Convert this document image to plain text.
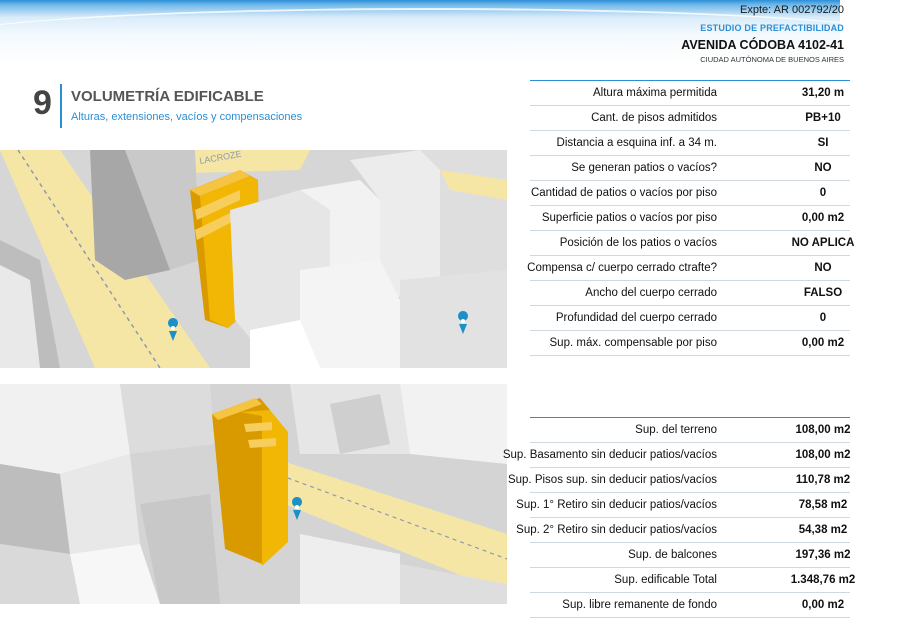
Expte: AR 002792/20
ESTUDIO DE PREFACTIBILIDAD
AVENIDA CÓDOBA 4102-41
CIUDAD AUTÓNOMA DE BUENOS AIRES
9 VOLUMETRÍA EDIFICABLE
Alturas, extensiones, vacíos y compensaciones
LACROZE
Altura máxima permitida	31,20 m
Cant. de pisos admitidos	PB+10
Distancia a esquina inf. a 34 m.	SI
Se generan patios o vacíos?	NO
Cantidad de patios o vacíos por piso	0
Superficie patios o vacíos por piso	0,00 m2
Posición de los patios o vacíos	NO APLICA
Compensa c/ cuerpo cerrado ctrafte?	NO
Ancho del cuerpo cerrado	FALSO
Profundidad del cuerpo cerrado	0
Sup. máx. compensable por piso	0,00 m2
Sup. del terreno	108,00 m2
Sup. Basamento sin deducir patios/vacíos	108,00 m2
Sup. Pisos sup. sin deducir patios/vacíos	110,78 m2
Sup. 1° Retiro sin deducir patios/vacíos	78,58 m2
Sup. 2° Retiro sin deducir patios/vacíos	54,38 m2
Sup. de balcones	197,36 m2
Sup. edificable Total	1.348,76 m2
Sup. libre remanente de fondo	0,00 m2
